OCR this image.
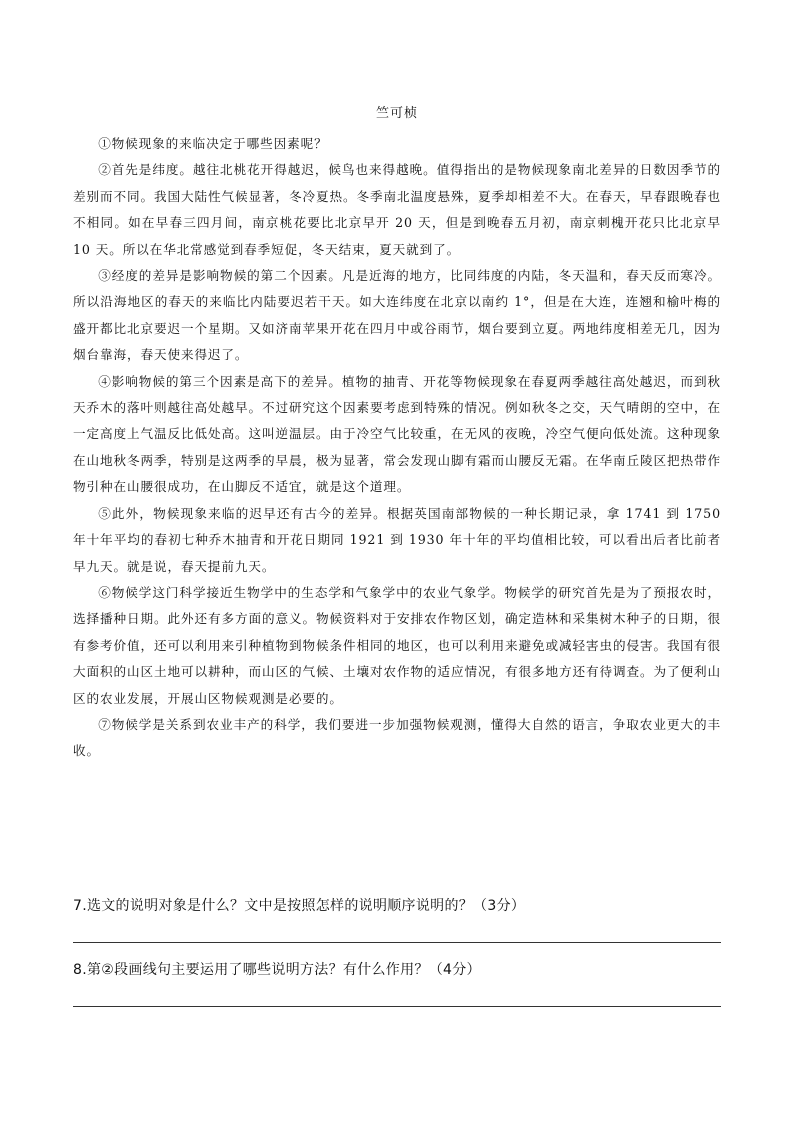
竺可桢

①物候现象的来临决定于哪些因素呢？

②首先是纬度。越往北桃花开得越迟，候鸟也来得越晚。值得指出的是物候现象南北差异的日数因季节的差别而不同。我国大陆性气候显著，冬冷夏热。冬季南北温度悬殊，夏季却相差不大。在春天，早春跟晚春也不相同。如在早春三四月间，南京桃花要比北京早开 20 天，但是到晚春五月初，南京刺槐开花只比北京早 10 天。所以在华北常感觉到春季短促，冬天结束，夏天就到了。

③经度的差异是影响物候的第二个因素。凡是近海的地方，比同纬度的内陆，冬天温和，春天反而寒冷。所以沿海地区的春天的来临比内陆要迟若干天。如大连纬度在北京以南约 1°，但是在大连，连翘和榆叶梅的盛开都比北京要迟一个星期。又如济南苹果开花在四月中或谷雨节，烟台要到立夏。两地纬度相差无几，因为烟台靠海，春天使来得迟了。

④影响物候的第三个因素是高下的差异。植物的抽青、开花等物候现象在春夏两季越往高处越迟，而到秋天乔木的落叶则越往高处越早。不过研究这个因素要考虑到特殊的情况。例如秋冬之交，天气晴朗的空中，在一定高度上气温反比低处高。这叫逆温层。由于冷空气比较重，在无风的夜晚，冷空气便向低处流。这种现象在山地秋冬两季，特别是这两季的早晨，极为显著，常会发现山脚有霜而山腰反无霜。在华南丘陵区把热带作物引种在山腰很成功，在山脚反不适宜，就是这个道理。

⑤此外，物候现象来临的迟早还有古今的差异。根据英国南部物候的一种长期记录，拿 1741 到 1750 年十年平均的春初七种乔木抽青和开花日期同 1921 到 1930 年十年的平均值相比较，可以看出后者比前者早九天。就是说，春天提前九天。

⑥物候学这门科学接近生物学中的生态学和气象学中的农业气象学。物候学的研究首先是为了预报农时，选择播种日期。此外还有多方面的意义。物候资料对于安排农作物区划，确定造林和采集树木种子的日期，很有参考价值，还可以利用来引种植物到物候条件相同的地区，也可以利用来避免或减轻害虫的侵害。我国有很大面积的山区土地可以耕种，而山区的气候、土壤对农作物的适应情况，有很多地方还有待调查。为了便利山区的农业发展，开展山区物候观测是必要的。

⑦物候学是关系到农业丰产的科学，我们要进一步加强物候观测，懂得大自然的语言，争取农业更大的丰收。

7.选文的说明对象是什么？文中是按照怎样的说明顺序说明的？（3分）
8.第②段画线句主要运用了哪些说明方法？有什么作用？（4分）
